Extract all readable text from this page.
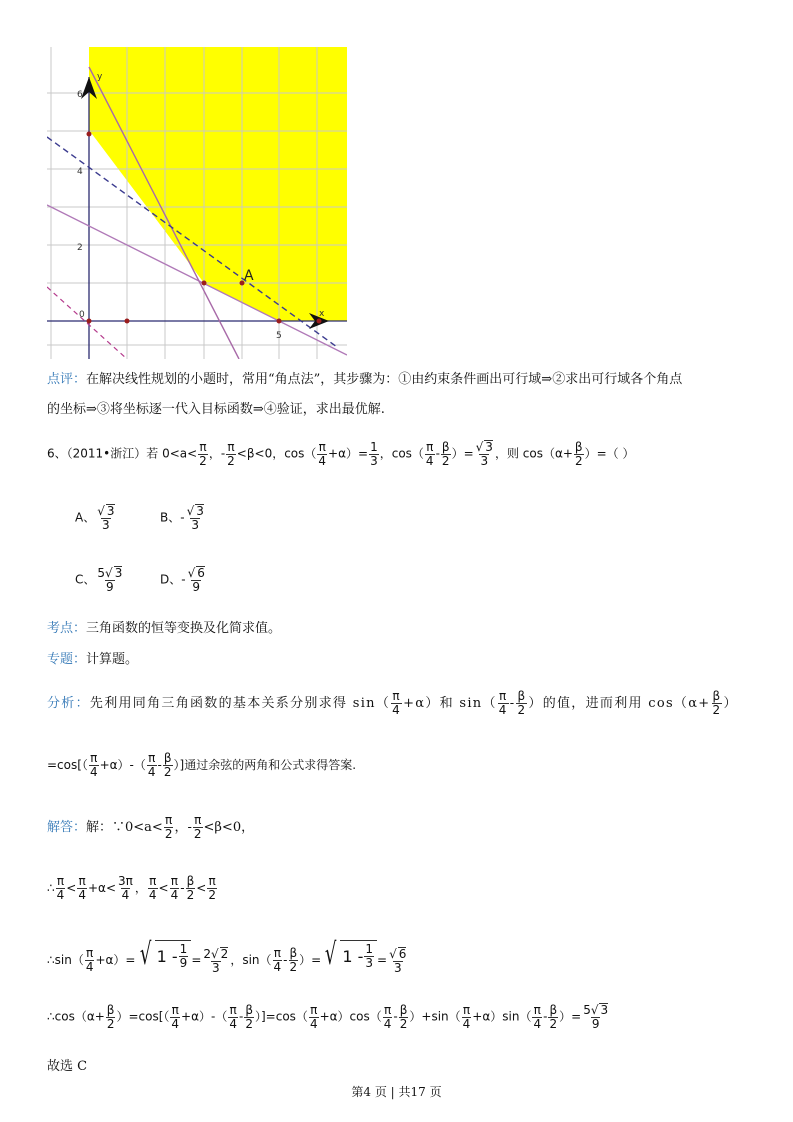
A
y
x
6
4
2
0
5
点评：在解决线性规划的小题时，常用“角点法”，其步骤为：①由约束条件画出可行域⇒②求出可行域各个角点
的坐标⇒③将坐标逐一代入目标函数⇒④验证，求出最优解.
6、（2011•浙江）若 $0<a< \frac{\pi}{2}$ ，- $\frac{\pi}{2} <\beta<0$，$\cos( \frac{\pi}{4} +\alpha)= \frac{1}{3}$ ，$\cos( \frac{\pi}{4} - \frac{\beta}{2}$ ）= $\frac{√ 3}{3}$ ，则 $\cos(\alpha+ \frac{\beta}{2}$ ）=（ ）
A、 $\frac{√ 3}{3}$	B、- $\frac{√ 3}{3}$
C、 $\frac{5√ 3}{9}$	D、- $\frac{√ 6}{9}$
考点：三角函数的恒等变换及化简求值。
专题：计算题。
分析：先利用同角三角函数的基本关系分别求得 $\sin( \frac{\pi}{4} +\alpha)$和 $\sin( \frac{\pi}{4} - \frac{\beta}{2}$ ）的值，进而利用 $\cos(\alpha+ \frac{\beta}{2}$ ）
$=\cos[( \frac{\pi}{4} +\alpha)-( \frac{\pi}{4} - \frac{\beta}{2}$ ）]通过余弦的两角和公式求得答案.
解答：解：∵0<a< $\frac{\pi}{2}$ ，- $\frac{\pi}{2} <\beta<0$，
∴ $\frac{\pi}{4} < \frac{\pi}{4} +\alpha< \frac{3\pi}{4}$ ， $\frac{\pi}{4} < \frac{\pi}{4} - \frac{\beta}{2} < \frac{\pi}{2}$
∴sin（ $\frac{\pi}{4} +\alpha)=$ √ $1 - \frac{1}{9} = \frac{2√ 2}{3}$ ，$\sin( \frac{\pi}{4} - \frac{\beta}{2}$ ）= √ $1 - \frac{1}{3} = \frac{√ 6}{3}$
∴cos（α+ $\frac{\beta}{2} )=\cos[( \frac{\pi}{4} +\alpha)-( \frac{\pi}{4} - \frac{\beta}{2} )]=\cos( \frac{\pi}{4} +\alpha)\cos( \frac{\pi}{4} - \frac{\beta}{2} )+\sin( \frac{\pi}{4} +\alpha)\sin( \frac{\pi}{4} - \frac{\beta}{2}$ ）= $\frac{5√ 3}{9}$
故选 C
第4 页 | 共17 页
